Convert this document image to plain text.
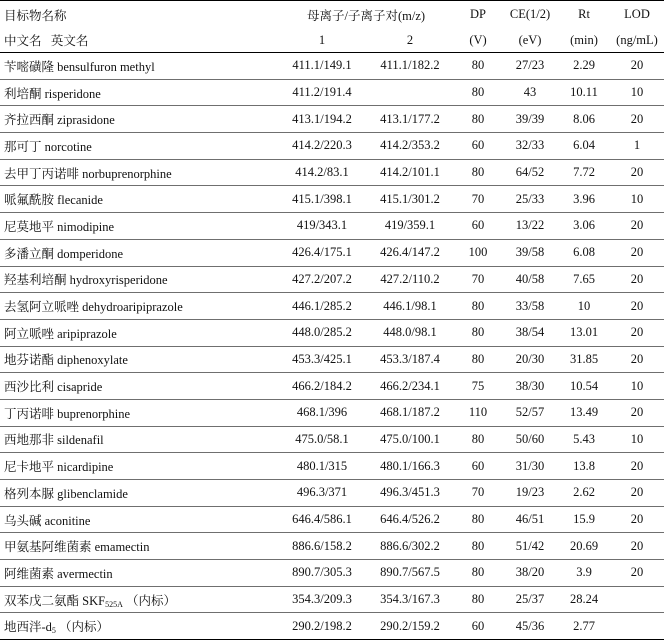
目标物名称	母离子/子离子对(m/z)		DP	CE(1/2)	Rt	LOD
中文名 英文名	1	2	(V)	(eV)	(min)	(ng/mL)
苄嘧磺隆 bensulfuron methyl	411.1/149.1	411.1/182.2	80	27/23	2.29	20
利培酮 risperidone	411.2/191.4		80	43	10.11	10
齐拉西酮 ziprasidone	413.1/194.2	413.1/177.2	80	39/39	8.06	20
那可丁 norcotine	414.2/220.3	414.2/353.2	60	32/33	6.04	1
去甲丁丙诺啡 norbuprenorphine	414.2/83.1	414.2/101.1	80	64/52	7.72	20
哌氟酰胺 flecanide	415.1/398.1	415.1/301.2	70	25/33	3.96	10
尼莫地平 nimodipine	419/343.1	419/359.1	60	13/22	3.06	20
多潘立酮 domperidone	426.4/175.1	426.4/147.2	100	39/58	6.08	20
羟基利培酮 hydroxyrisperidone	427.2/207.2	427.2/110.2	70	40/58	7.65	20
去氢阿立哌唑 dehydroaripiprazole	446.1/285.2	446.1/98.1	80	33/58	10	20
阿立哌唑 aripiprazole	448.0/285.2	448.0/98.1	80	38/54	13.01	20
地芬诺酯 diphenoxylate	453.3/425.1	453.3/187.4	80	20/30	31.85	20
西沙比利 cisapride	466.2/184.2	466.2/234.1	75	38/30	10.54	10
丁丙诺啡 buprenorphine	468.1/396	468.1/187.2	110	52/57	13.49	20
西地那非 sildenafil	475.0/58.1	475.0/100.1	80	50/60	5.43	10
尼卡地平 nicardipine	480.1/315	480.1/166.3	60	31/30	13.8	20
格列本脲 glibenclamide	496.3/371	496.3/451.3	70	19/23	2.62	20
乌头碱 aconitine	646.4/586.1	646.4/526.2	80	46/51	15.9	20
甲氨基阿维菌素 emamectin	886.6/158.2	886.6/302.2	80	51/42	20.69	20
阿维菌素 avermectin	890.7/305.3	890.7/567.5	80	38/20	3.9	20
双苯戊二氨酯 $SKF_{525A}$ （内标）	354.3/209.3	354.3/167.3	80	25/37	28.24	
地西泮$-d_5$ （内标）	290.2/198.2	290.2/159.2	60	45/36	2.77	
